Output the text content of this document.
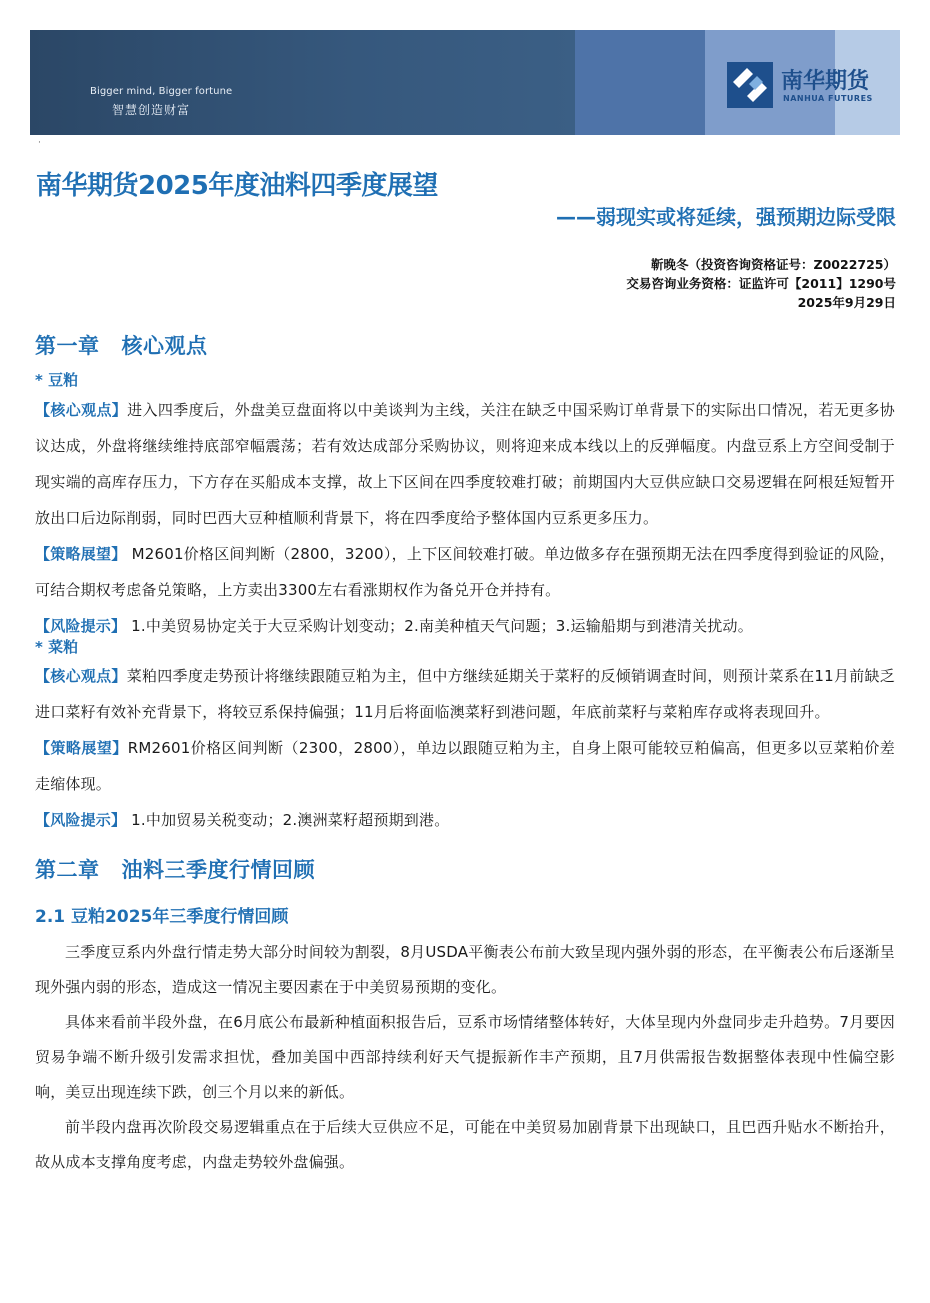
Bigger mind, Bigger fortune
智慧创造财富
南华期货
NANHUA FUTURES
·
南华期货2025年度油料四季度展望
——弱现实或将延续，强预期边际受限
靳晚冬（投资咨询资格证号：Z0022725）
交易咨询业务资格：证监许可【2011】1290号
2025年9月29日
第一章 核心观点
* 豆粕

【核心观点】进入四季度后，外盘美豆盘面将以中美谈判为主线，关注在缺乏中国采购订单背景下的实际出口情况，若无更多协议达成，外盘将继续维持底部窄幅震荡；若有效达成部分采购协议，则将迎来成本线以上的反弹幅度。内盘豆系上方空间受制于现实端的高库存压力，下方存在买船成本支撑，故上下区间在四季度较难打破；前期国内大豆供应缺口交易逻辑在阿根廷短暂开放出口后边际削弱，同时巴西大豆种植顺利背景下，将在四季度给予整体国内豆系更多压力。

【策略展望】 M2601价格区间判断（2800，3200），上下区间较难打破。单边做多存在强预期无法在四季度得到验证的风险，可结合期权考虑备兑策略，上方卖出3300左右看涨期权作为备兑开仓并持有。

【风险提示】 1.中美贸易协定关于大豆采购计划变动；2.南美种植天气问题；3.运输船期与到港清关扰动。

* 菜粕

【核心观点】菜粕四季度走势预计将继续跟随豆粕为主，但中方继续延期关于菜籽的反倾销调查时间，则预计菜系在11月前缺乏进口菜籽有效补充背景下，将较豆系保持偏强；11月后将面临澳菜籽到港问题，年底前菜籽与菜粕库存或将表现回升。

【策略展望】RM2601价格区间判断（2300，2800），单边以跟随豆粕为主，自身上限可能较豆粕偏高，但更多以豆菜粕价差走缩体现。

【风险提示】 1.中加贸易关税变动；2.澳洲菜籽超预期到港。

第二章 油料三季度行情回顾
2.1 豆粕2025年三季度行情回顾

三季度豆系内外盘行情走势大部分时间较为割裂，8月USDA平衡表公布前大致呈现内强外弱的形态，在平衡表公布后逐渐呈现外强内弱的形态，造成这一情况主要因素在于中美贸易预期的变化。

具体来看前半段外盘，在6月底公布最新种植面积报告后，豆系市场情绪整体转好，大体呈现内外盘同步走升趋势。7月要因贸易争端不断升级引发需求担忧，叠加美国中西部持续利好天气提振新作丰产预期，且7月供需报告数据整体表现中性偏空影响，美豆出现连续下跌，创三个月以来的新低。

前半段内盘再次阶段交易逻辑重点在于后续大豆供应不足，可能在中美贸易加剧背景下出现缺口，且巴西升贴水不断抬升，故从成本支撑角度考虑，内盘走势较外盘偏强。
